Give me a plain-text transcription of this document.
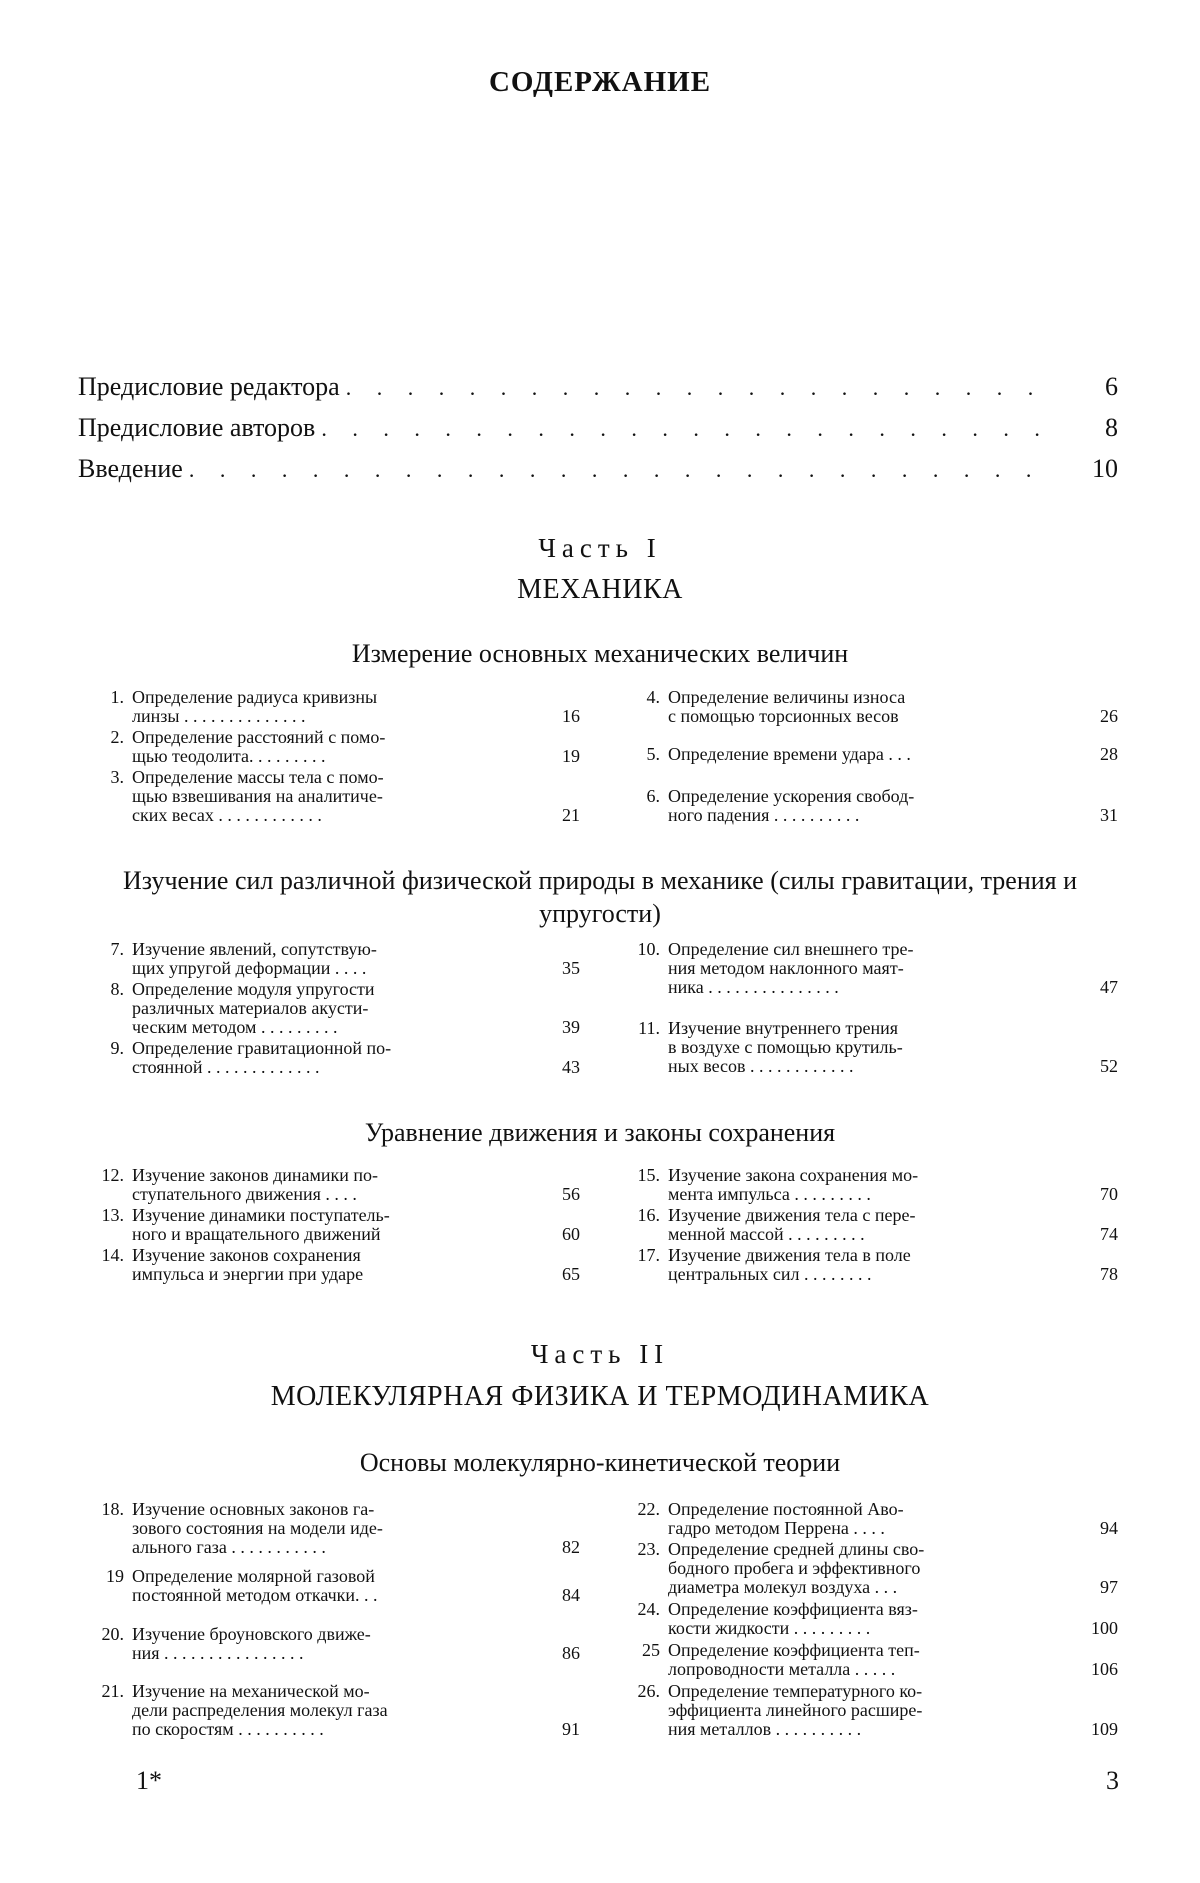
СОДЕРЖАНИЕ
Предисловие редактора . . .	6
Предисловие авторов . . .	8
Введение . . .	10
Часть I
МЕХАНИКА
Измерение основных механических величин
1. Определение радиуса кривизны
линзы . . . . . . . . . . . . . .	16
2. Определение расстояний с помо-
щью теодолита. . . . . . . . .	19
3. Определение массы тела с помо-
щью взвешивания на аналитиче-
ских весах . . . . . . . . . . . .	21
4. Определение величины износа
с помощью торсионных весов	26
5. Определение времени удара . . .	28
6. Определение ускорения свобод-
ного падения . . . . . . . . . .	31
Изучение сил различной физической природы в механике (силы гравитации, трения и упругости)
7. Изучение явлений, сопутствую-
щих упругой деформации . . . .	35
8. Определение модуля упругости
различных материалов акусти-
ческим методом . . . . . . . . .	39
9. Определение гравитационной по-
стоянной . . . . . . . . . . . . .	43
10. Определение сил внешнего тре-
ния методом наклонного маят-
ника . . . . . . . . . . . . . . .	47
11. Изучение внутреннего трения
в воздухе с помощью крутиль-
ных весов . . . . . . . . . . . .	52
Уравнение движения и законы сохранения
12. Изучение законов динамики по-
ступательного движения . . . .	56
13. Изучение динамики поступатель-
ного и вращательного движений	60
14. Изучение законов сохранения
импульса и энергии при ударе	65
15. Изучение закона сохранения мо-
мента импульса . . . . . . . . .	70
16. Изучение движения тела с пере-
менной массой . . . . . . . . .	74
17. Изучение движения тела в поле
центральных сил . . . . . . . .	78
Часть II
МОЛЕКУЛЯРНАЯ ФИЗИКА И ТЕРМОДИНАМИКА
Основы молекулярно-кинетической теории
18. Изучение основных законов га-
зового состояния на модели иде-
ального газа . . . . . . . . . . .	82
19 Определение молярной газовой
постоянной методом откачки. . .	84
20. Изучение броуновского движе-
ния . . . . . . . . . . . . . . . .	86
21. Изучение на механической мо-
дели распределения молекул газа
по скоростям . . . . . . . . . .	91
22. Определение постоянной Аво-
гадро методом Перрена . . . .	94
23. Определение средней длины сво-
бодного пробега и эффективного
диаметра молекул воздуха . . .	97
24. Определение коэффициента вяз-
кости жидкости . . . . . . . . .	100
25 Определение коэффициента теп-
лопроводности металла . . . . .	106
26. Определение температурного ко-
эффициента линейного расшире-
ния металлов . . . . . . . . . .	109
1*	3
